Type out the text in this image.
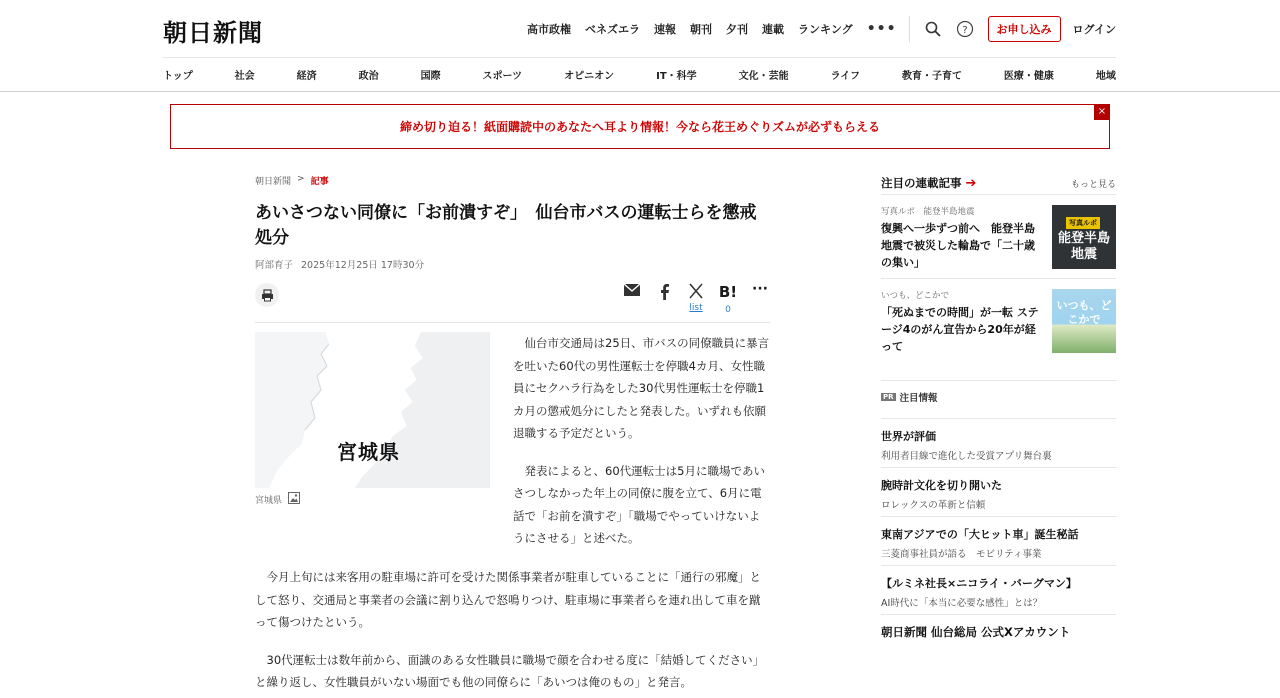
朝日新聞	高市政権 ベネズエラ 速報 朝刊 夕刊 連載 ランキング •••	?	お申し込み	ログイン
トップ	社会	経済	政治	国際	スポーツ	オピニオン	IT・科学	文化・芸能	ライフ	教育・子育て	医療・健康	地域
締め切り迫る！紙面購読中のあなたへ耳より情報！今なら花王めぐりズムが必ずもらえる
×
朝日新聞 > 記事
あいさつない同僚に「お前潰すぞ」　仙台市バスの運転士らを懲戒処分
阿部育子 2025年12月25日 17時30分
list
B!
0
···
宮城県
宮城県

仙台市交通局は25日、市バスの同僚職員に暴言を吐いた60代の男性運転士を停職4カ月、女性職員にセクハラ行為をした30代男性運転士を停職1カ月の懲戒処分にしたと発表した。いずれも依願退職する予定だという。

発表によると、60代運転士は5月に職場であいさつしなかった年上の同僚に腹を立て、6月に電話で「お前を潰すぞ」「職場でやっていけないようにさせる」と述べた。

今月上旬には来客用の駐車場に許可を受けた関係事業者が駐車していることに「通行の邪魔」として怒り、交通局と事業者の会議に割り込んで怒鳴りつけ、駐車場に事業者らを連れ出して車を蹴って傷つけたという。

30代運転士は数年前から、面識のある女性職員に職場で顔を合わせる度に「結婚してください」と繰り返し、女性職員がいない場面でも他の同僚らに「あいつは俺のもの」と発言。

注目の連載記事 ➔	もっと見る
写真ルポ　能登半島地震
復興へ一歩ずつ前へ　能登半島地震で被災した輪島で「二十歳の集い」
写真ルポ
能登半島地震
いつも、どこかで
「死ぬまでの時間」が一転 ステージ4のがん宣告から20年が経って
いつも、どこかで
PR 注目情報
世界が評価
利用者目線で進化した受賞アプリ舞台裏
腕時計文化を切り開いた
ロレックスの革新と信頼
東南アジアでの「大ヒット車」誕生秘話
三菱商事社員が語る　モビリティ事業
【ルミネ社長×ニコライ・バーグマン】
AI時代に「本当に必要な感性」とは？
朝日新聞 仙台総局 公式Xアカウント
